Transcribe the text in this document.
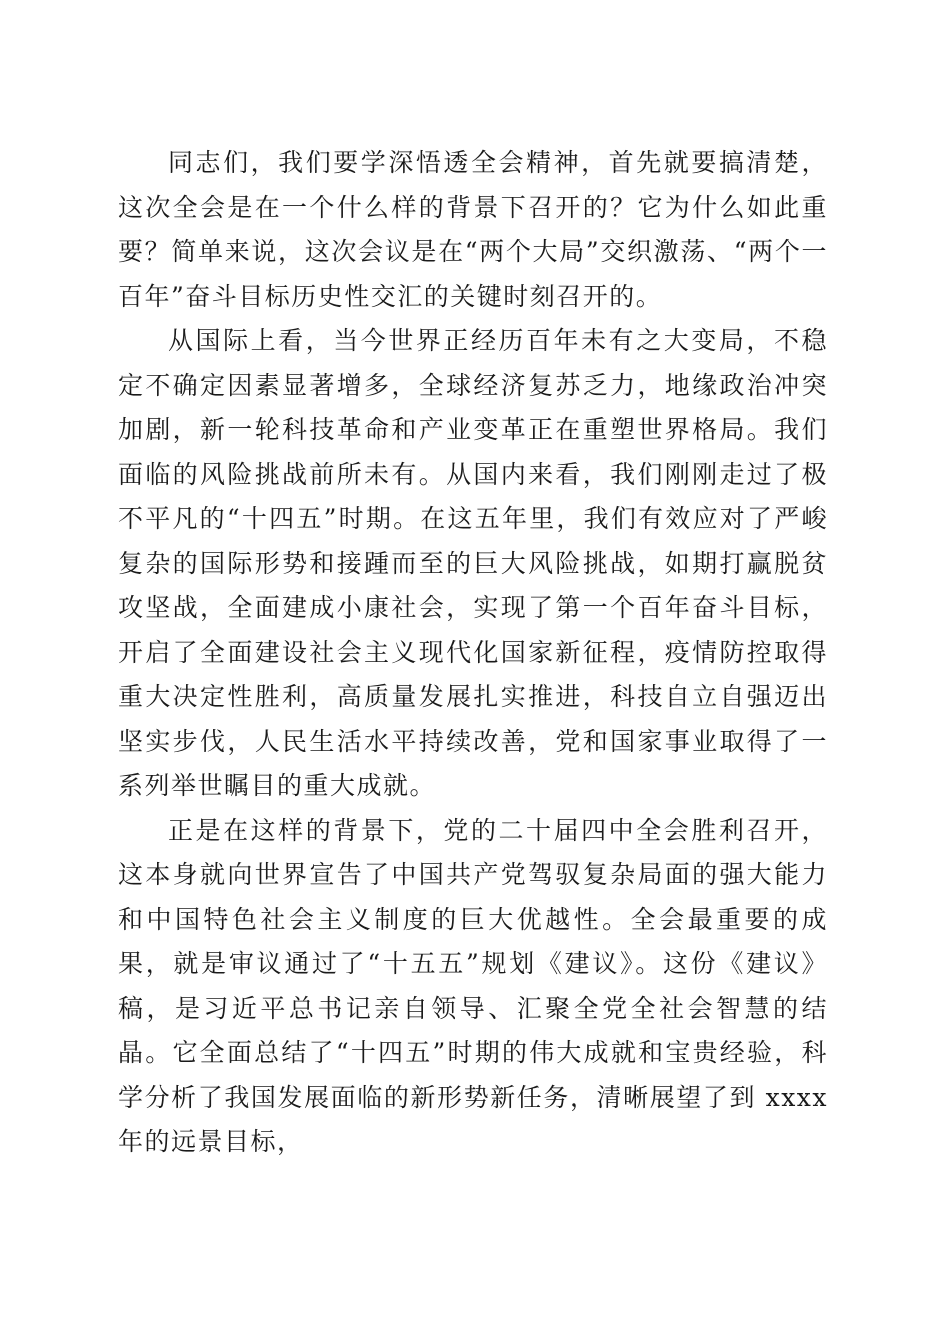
同志们，我们要学深悟透全会精神，首先就要搞清楚，这次全会是在一个什么样的背景下召开的？它为什么如此重要？简单来说，这次会议是在“两个大局”交织激荡、“两个一百年”奋斗目标历史性交汇的关键时刻召开的。

从国际上看，当今世界正经历百年未有之大变局，不稳定不确定因素显著增多，全球经济复苏乏力，地缘政治冲突加剧，新一轮科技革命和产业变革正在重塑世界格局。我们面临的风险挑战前所未有。从国内来看，我们刚刚走过了极不平凡的“十四五”时期。在这五年里，我们有效应对了严峻复杂的国际形势和接踵而至的巨大风险挑战，如期打赢脱贫攻坚战，全面建成小康社会，实现了第一个百年奋斗目标，开启了全面建设社会主义现代化国家新征程，疫情防控取得重大决定性胜利，高质量发展扎实推进，科技自立自强迈出坚实步伐，人民生活水平持续改善，党和国家事业取得了一系列举世瞩目的重大成就。

正是在这样的背景下，党的二十届四中全会胜利召开，这本身就向世界宣告了中国共产党驾驭复杂局面的强大能力和中国特色社会主义制度的巨大优越性。全会最重要的成果，就是审议通过了“十五五”规划《建议》。这份《建议》稿，是习近平总书记亲自领导、汇聚全党全社会智慧的结晶。它全面总结了“十四五”时期的伟大成就和宝贵经验，科学分析了我国发展面临的新形势新任务，清晰展望了到 xxxx 年的远景目标，
